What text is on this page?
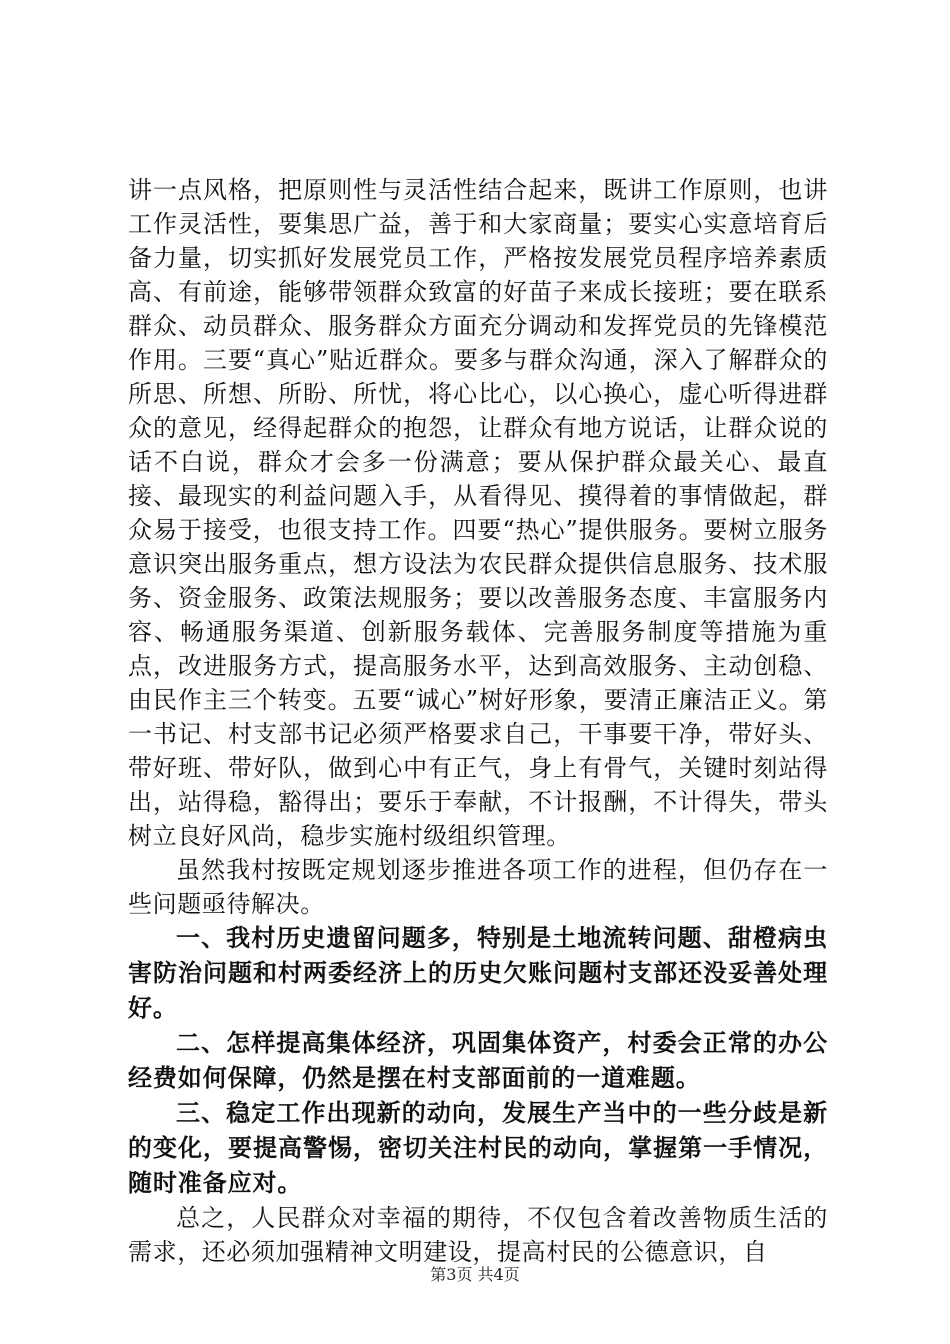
讲一点风格，把原则性与灵活性结合起来，既讲工作原则，也讲工作灵活性，要集思广益，善于和大家商量；要实心实意培育后备力量，切实抓好发展党员工作，严格按发展党员程序培养素质高、有前途，能够带领群众致富的好苗子来成长接班；要在联系群众、动员群众、服务群众方面充分调动和发挥党员的先锋模范作用。三要“真心”贴近群众。要多与群众沟通，深入了解群众的所思、所想、所盼、所忧，将心比心，以心换心，虚心听得进群众的意见，经得起群众的抱怨，让群众有地方说话，让群众说的话不白说，群众才会多一份满意；要从保护群众最关心、最直接、最现实的利益问题入手，从看得见、摸得着的事情做起，群众易于接受，也很支持工作。四要“热心”提供服务。要树立服务意识突出服务重点，想方设法为农民群众提供信息服务、技术服务、资金服务、政策法规服务；要以改善服务态度、丰富服务内容、畅通服务渠道、创新服务载体、完善服务制度等措施为重点，改进服务方式，提高服务水平，达到高效服务、主动创稳、由民作主三个转变。五要“诚心”树好形象，要清正廉洁正义。第一书记、村支部书记必须严格要求自己，干事要干净，带好头、带好班、带好队，做到心中有正气，身上有骨气，关键时刻站得出，站得稳，豁得出；要乐于奉献，不计报酬，不计得失，带头树立良好风尚，稳步实施村级组织管理。

虽然我村按既定规划逐步推进各项工作的进程，但仍存在一些问题亟待解决。

一、我村历史遗留问题多，特别是土地流转问题、甜橙病虫害防治问题和村两委经济上的历史欠账问题村支部还没妥善处理好。

二、怎样提高集体经济，巩固集体资产，村委会正常的办公经费如何保障，仍然是摆在村支部面前的一道难题。

三、稳定工作出现新的动向，发展生产当中的一些分歧是新的变化，要提高警惕，密切关注村民的动向，掌握第一手情况，随时准备应对。

总之，人民群众对幸福的期待，不仅包含着改善物质生活的需求，还必须加强精神文明建设，提高村民的公德意识，自

第3页 共4页
